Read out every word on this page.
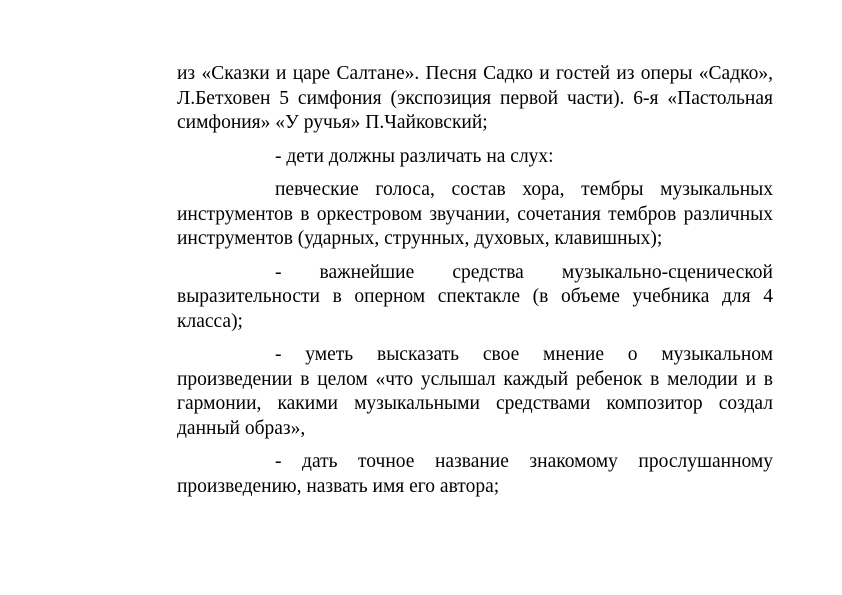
из «Сказки и царе Салтане». Песня Садко и гостей из оперы «Садко», Л.Бетховен 5 симфония (экспозиция первой части). 6-я «Пастольная симфония» «У ручья» П.Чайковский;

- дети должны различать на слух:

певческие голоса, состав хора, тембры музыкальных инструментов в оркестровом звучании, сочетания тембров различных инструментов (ударных, струнных, духовых, клавишных);

- важнейшие средства музыкально-сценической выразительности в оперном спектакле (в объеме учебника для 4 класса);

- уметь высказать свое мнение о музыкальном произведении в целом «что услышал каждый ребенок в мелодии и в гармонии, какими музыкальными средствами композитор создал данный образ»,

- дать точное название знакомому прослушанному произведению, назвать имя его автора;
